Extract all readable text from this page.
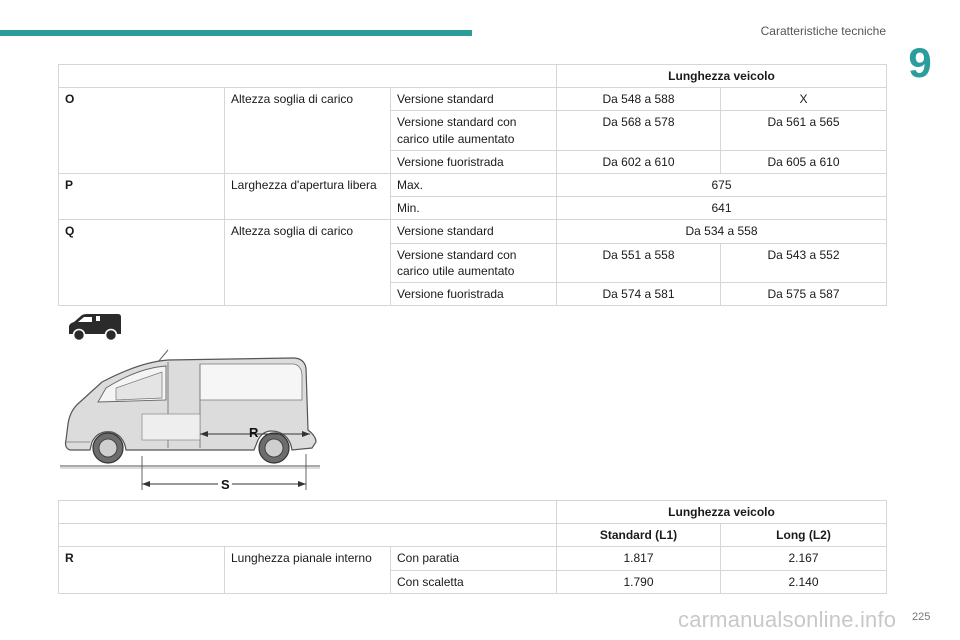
Caratteristiche tecniche
9
			Lunghezza veicolo	
O	Altezza soglia di carico	Versione standard	Da 548 a 588	X
		Versione standard con carico utile aumentato	Da 568 a 578	Da 561 a 565
		Versione fuoristrada	Da 602 a 610	Da 605 a 610
P	Larghezza d'apertura libera	Max.	675	
		Min.	641	
Q	Altezza soglia di carico	Versione standard	Da 534 a 558	
		Versione standard con carico utile aumentato	Da 551 a 558	Da 543 a 552
		Versione fuoristrada	Da 574 a 581	Da 575 a 587
R
S
			Lunghezza veicolo	
			Standard (L1)	Long (L2)
R	Lunghezza pianale interno	Con paratia	1.817	2.167
		Con scaletta	1.790	2.140
carmanualsonline.info 225
